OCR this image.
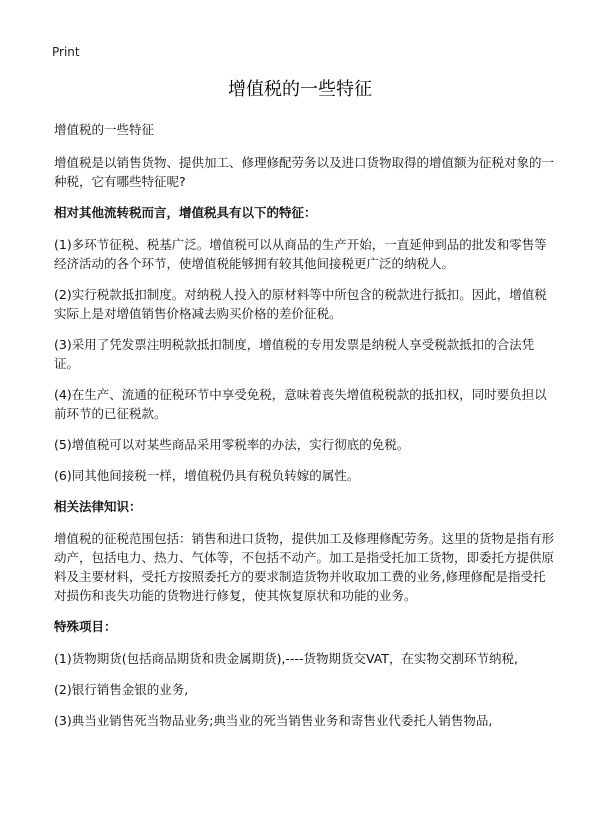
Print
增值税的一些特征

增值税的一些特征

增值税是以销售货物、提供加工、修理修配劳务以及进口货物取得的增值额为征税对象的一种税，它有哪些特征呢?

相对其他流转税而言，增值税具有以下的特征：

(1)多环节征税、税基广泛。增值税可以从商品的生产开始，一直延伸到品的批发和零售等经济活动的各个环节，使增值税能够拥有较其他间接税更广泛的纳税人。

(2)实行税款抵扣制度。对纳税人投入的原材料等中所包含的税款进行抵扣。因此，增值税实际上是对增值销售价格减去购买价格的差价征税。

(3)采用了凭发票注明税款抵扣制度，增值税的专用发票是纳税人享受税款抵扣的合法凭证。

(4)在生产、流通的征税环节中享受免税，意味着丧失增值税税款的抵扣权，同时要负担以前环节的已征税款。

(5)增值税可以对某些商品采用零税率的办法，实行彻底的免税。

(6)同其他间接税一样，增值税仍具有税负转嫁的属性。

相关法律知识：

增值税的征税范围包括：销售和进口货物，提供加工及修理修配劳务。这里的货物是指有形动产，包括电力、热力、气体等，不包括不动产。加工是指受托加工货物，即委托方提供原料及主要材料，受托方按照委托方的要求制造货物并收取加工费的业务,修理修配是指受托对损伤和丧失功能的货物进行修复，使其恢复原状和功能的业务。

特殊项目：

(1)货物期货(包括商品期货和贵金属期货),----货物期货交VAT，在实物交割环节纳税,

(2)银行销售金银的业务,

(3)典当业销售死当物品业务;典当业的死当销售业务和寄售业代委托人销售物品,
